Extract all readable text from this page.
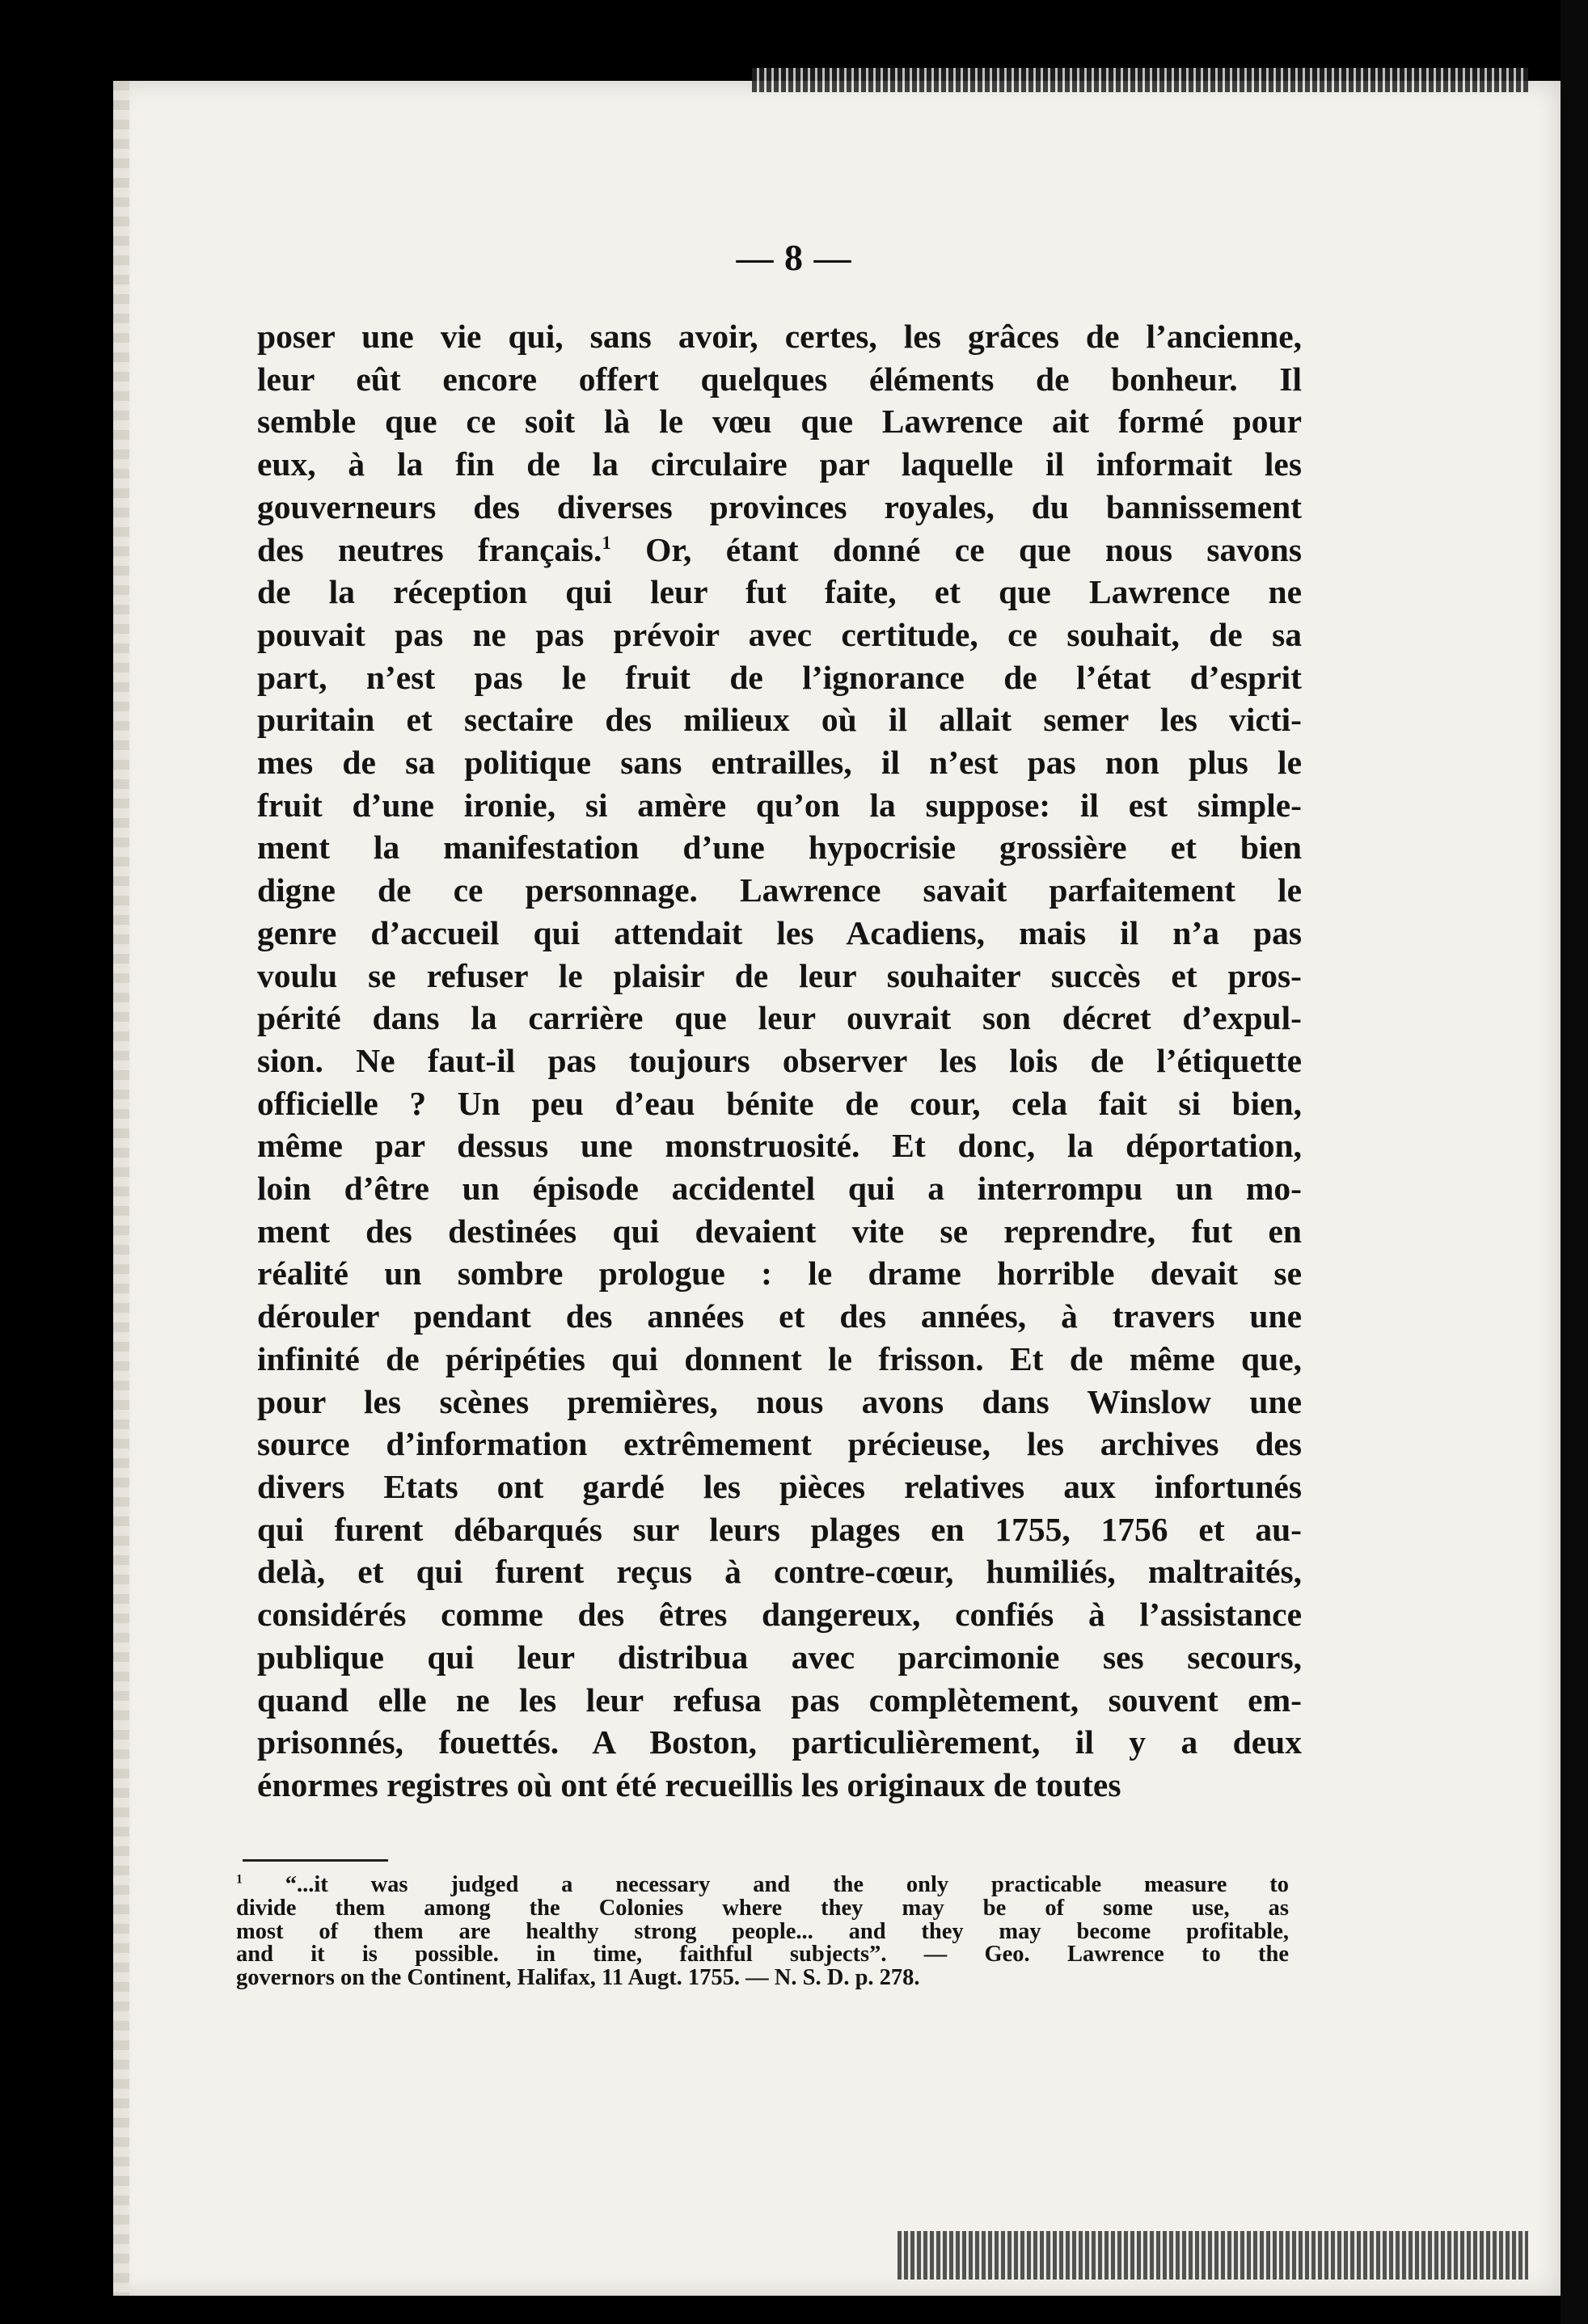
— 8 —
poser une vie qui, sans avoir, certes, les grâces de l’ancienne,
leur eût encore offert quelques éléments de bonheur. Il
semble que ce soit là le vœu que Lawrence ait formé pour
eux, à la fin de la circulaire par laquelle il informait les
gouverneurs des diverses provinces royales, du bannissement
des neutres français.$^1$ Or, étant donné ce que nous savons
de la réception qui leur fut faite, et que Lawrence ne
pouvait pas ne pas prévoir avec certitude, ce souhait, de sa
part, n’est pas le fruit de l’ignorance de l’état d’esprit
puritain et sectaire des milieux où il allait semer les victi-
mes de sa politique sans entrailles, il n’est pas non plus le
fruit d’une ironie, si amère qu’on la suppose: il est simple-
ment la manifestation d’une hypocrisie grossière et bien
digne de ce personnage. Lawrence savait parfaitement le
genre d’accueil qui attendait les Acadiens, mais il n’a pas
voulu se refuser le plaisir de leur souhaiter succès et pros-
périté dans la carrière que leur ouvrait son décret d’expul-
sion. Ne faut-il pas toujours observer les lois de l’étiquette
officielle ? Un peu d’eau bénite de cour, cela fait si bien,
même par dessus une monstruosité. Et donc, la déportation,
loin d’être un épisode accidentel qui a interrompu un mo-
ment des destinées qui devaient vite se reprendre, fut en
réalité un sombre prologue : le drame horrible devait se
dérouler pendant des années et des années, à travers une
infinité de péripéties qui donnent le frisson. Et de même que,
pour les scènes premières, nous avons dans Winslow une
source d’information extrêmement précieuse, les archives des
divers Etats ont gardé les pièces relatives aux infortunés
qui furent débarqués sur leurs plages en 1755, 1756 et au-
delà, et qui furent reçus à contre-cœur, humiliés, maltraités,
considérés comme des êtres dangereux, confiés à l’assistance
publique qui leur distribua avec parcimonie ses secours,
quand elle ne les leur refusa pas complètement, souvent em-
prisonnés, fouettés. A Boston, particulièrement, il y a deux
énormes registres où ont été recueillis les originaux de toutes
$^1$ “...it was judged a necessary and the only practicable measure to
divide them among the Colonies where they may be of some use, as
most of them are healthy strong people... and they may become profitable,
and it is possible. in time, faithful subjects”. — Geo. Lawrence to the
governors on the Continent, Halifax, 11 Augt. 1755. — N. S. D. p. 278.
